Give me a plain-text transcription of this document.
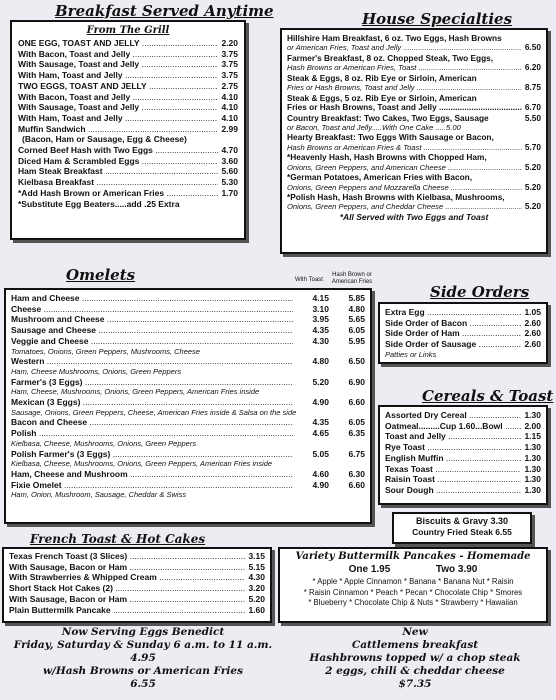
Breakfast Served Anytime
From The Grill
ONE EGG, TOAST AND JELLY .....	2.20
With Bacon, Toast and Jelly .....	3.75
With Sausage, Toast and Jelly .....	3.75
With Ham, Toast and Jelly .....	3.75
TWO EGGS, TOAST AND JELLY .....	2.75
With Bacon, Toast and Jelly .....	4.10
With Sausage, Toast and Jelly .....	4.10
With Ham, Toast and Jelly .....	4.10
Muffin Sandwich .....	2.99
(Bacon, Ham or Sausage, Egg & Cheese)
Corned Beef Hash with Two Eggs .....	4.70
Diced Ham & Scrambled Eggs .....	3.60
Ham Steak Breakfast .....	5.60
Kielbasa Breakfast .....	5.30
*Add Hash Brown or American Fries .....	1.70
*Substitute Egg Beaters.....add .25 Extra
House Specialties
Hillshire Ham Breakfast, 6 oz. Two Eggs, Hash Browns
or American Fries, Toast and Jelly .....	6.50
Farmer's Breakfast, 8 oz. Chopped Steak, Two Eggs,
Hash Browns or American Fries, Toast .....	6.20
Steak & Eggs, 8 oz. Rib Eye or Sirloin, American
Fries or Hash Browns, Toast and Jelly .....	8.75
Steak & Eggs, 5 oz. Rib Eye or Sirloin, American
Fries or Hash Browns, Toast and Jelly .....	6.70
Country Breakfast: Two Cakes, Two Eggs, Sausage	5.50
or Bacon, Toast and Jelly.....With One Cake .....5.00
Hearty Breakfast: Two Eggs With Sausage or Bacon,
Hash Browns or American Fries & Toast .....	5.70
*Heavenly Hash, Hash Browns with Chopped Ham,
Onions, Green Peppers, and American Cheese .....	5.20
*German Potatoes, American Fries with Bacon,
Onions, Green Peppers and Mozzarella Cheese .....	5.20
*Polish Hash, Hash Browns with Kielbasa, Mushrooms,
Onions, Green Peppers, and Cheddar Cheese .....	5.20
*All Served with Two Eggs and Toast
Omelets	With Toast
Hash Brown or American Fries
Ham and Cheese .....	4.15	5.85
Cheese .....	3.10	4.80
Mushroom and Cheese .....	3.95	5.65
Sausage and Cheese .....	4.35	6.05
Veggie and Cheese .....	4.30	5.95
Tomatoes, Onions, Green Peppers, Mushrooms, Cheese
Western .....	4.80	6.50
Ham, Cheese Mushrooms, Onions, Green Peppers
Farmer's (3 Eggs) .....	5.20	6.90
Ham, Cheese, Mushrooms, Onions, Green Peppers, American Fries inside
Mexican (3 Eggs) .....	4.90	6.60
Sausage, Onions, Green Peppers, Cheese, American Fries inside & Salsa on the side
Bacon and Cheese .....	4.35	6.05
Polish .....	4.65	6.35
Kielbasa, Cheese, Mushrooms, Onions, Green Peppers
Polish Farmer's (3 Eggs) .....	5.05	6.75
Kielbasa, Cheese, Mushrooms, Onions, Green Peppers, American Fries inside
Ham, Cheese and Mushroom .....	4.60	6.30
Fixie Omelet .....	4.90	6.60
Ham, Onion, Mushroom, Sausage, Cheddar & Swiss
Side Orders
Extra Egg .....	1.05
Side Order of Bacon .....	2.60
Side Order of Ham .....	2.60
Side Order of Sausage .....	2.60
Patties or Links
Cereals & Toast
Assorted Dry Cereal .....	1.30
Oatmeal.........Cup 1.60...Bowl .....	2.00
Toast and Jelly .....	1.15
Rye Toast .....	1.30
English Muffin .....	1.30
Texas Toast .....	1.30
Raisin Toast .....	1.30
Sour Dough .....	1.30
Biscuits & Gravy 3.30
Country Fried Steak 6.55
French Toast & Hot Cakes
Texas French Toast (3 Slices) .....	3.15
With Sausage, Bacon or Ham .....	5.15
With Strawberries & Whipped Cream .....	4.30
Short Stack Hot Cakes (2) .....	3.20
With Sausage, Bacon or Ham .....	5.20
Plain Buttermilk Pancake .....	1.60
Variety Buttermilk Pancakes - Homemade
One 1.95	Two 3.90
* Apple * Apple Cinnamon * Banana * Banana Nut * Raisin
* Raisin Cinnamon * Peach * Pecan * Chocolate Chip * Smores
* Blueberry * Chocolate Chip & Nuts * Strawberry * Hawaiian
Now Serving Eggs Benedict
Friday, Saturday & Sunday 6 a.m. to 11 a.m.
4.95
w/Hash Browns or American Fries
6.55
New
Cattlemens breakfast
Hashbrowns topped w/ a chop steak
2 eggs, chili & cheddar cheese
$7.35
